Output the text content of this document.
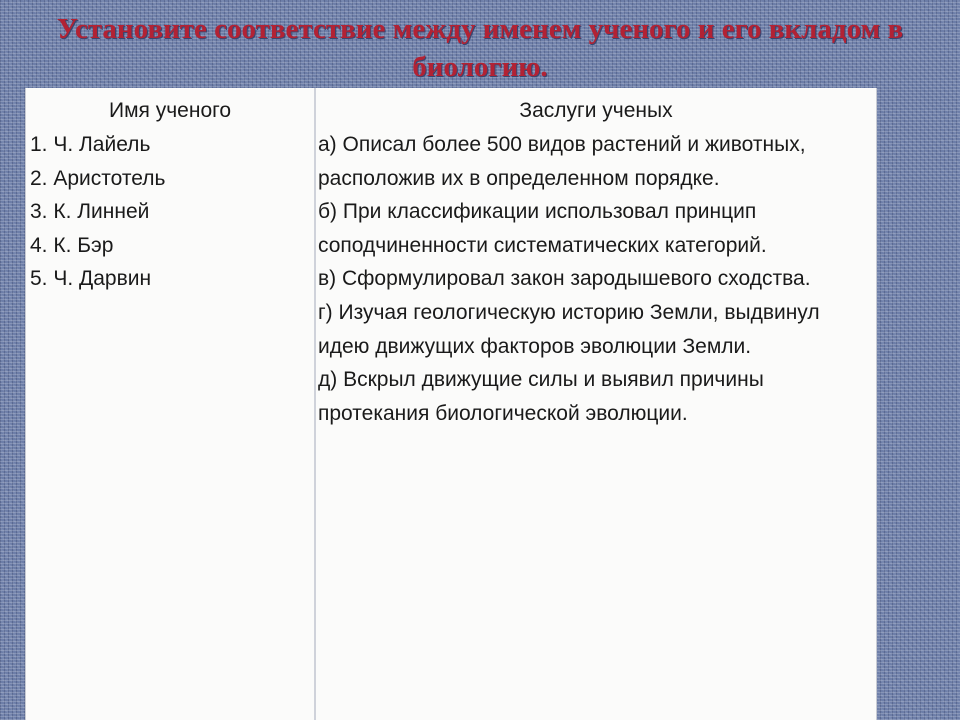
Установите соответствие между именем ученого и его вкладом в биологию.
Имя ученого
1. Ч. Лайель
2. Аристотель
3. К. Линней
4. К. Бэр
5. Ч. Дарвин
Заслуги ученых

а) Описал более 500 видов растений и животных, расположив их в определенном порядке.

б) При классификации использовал принцип соподчиненности систематических категорий.

в) Сформулировал закон зародышевого сходства.

г) Изучая геологическую историю Земли, выдвинул идею движущих факторов эволюции Земли.

д) Вскрыл движущие силы и выявил причины протекания биологической эволюции.
